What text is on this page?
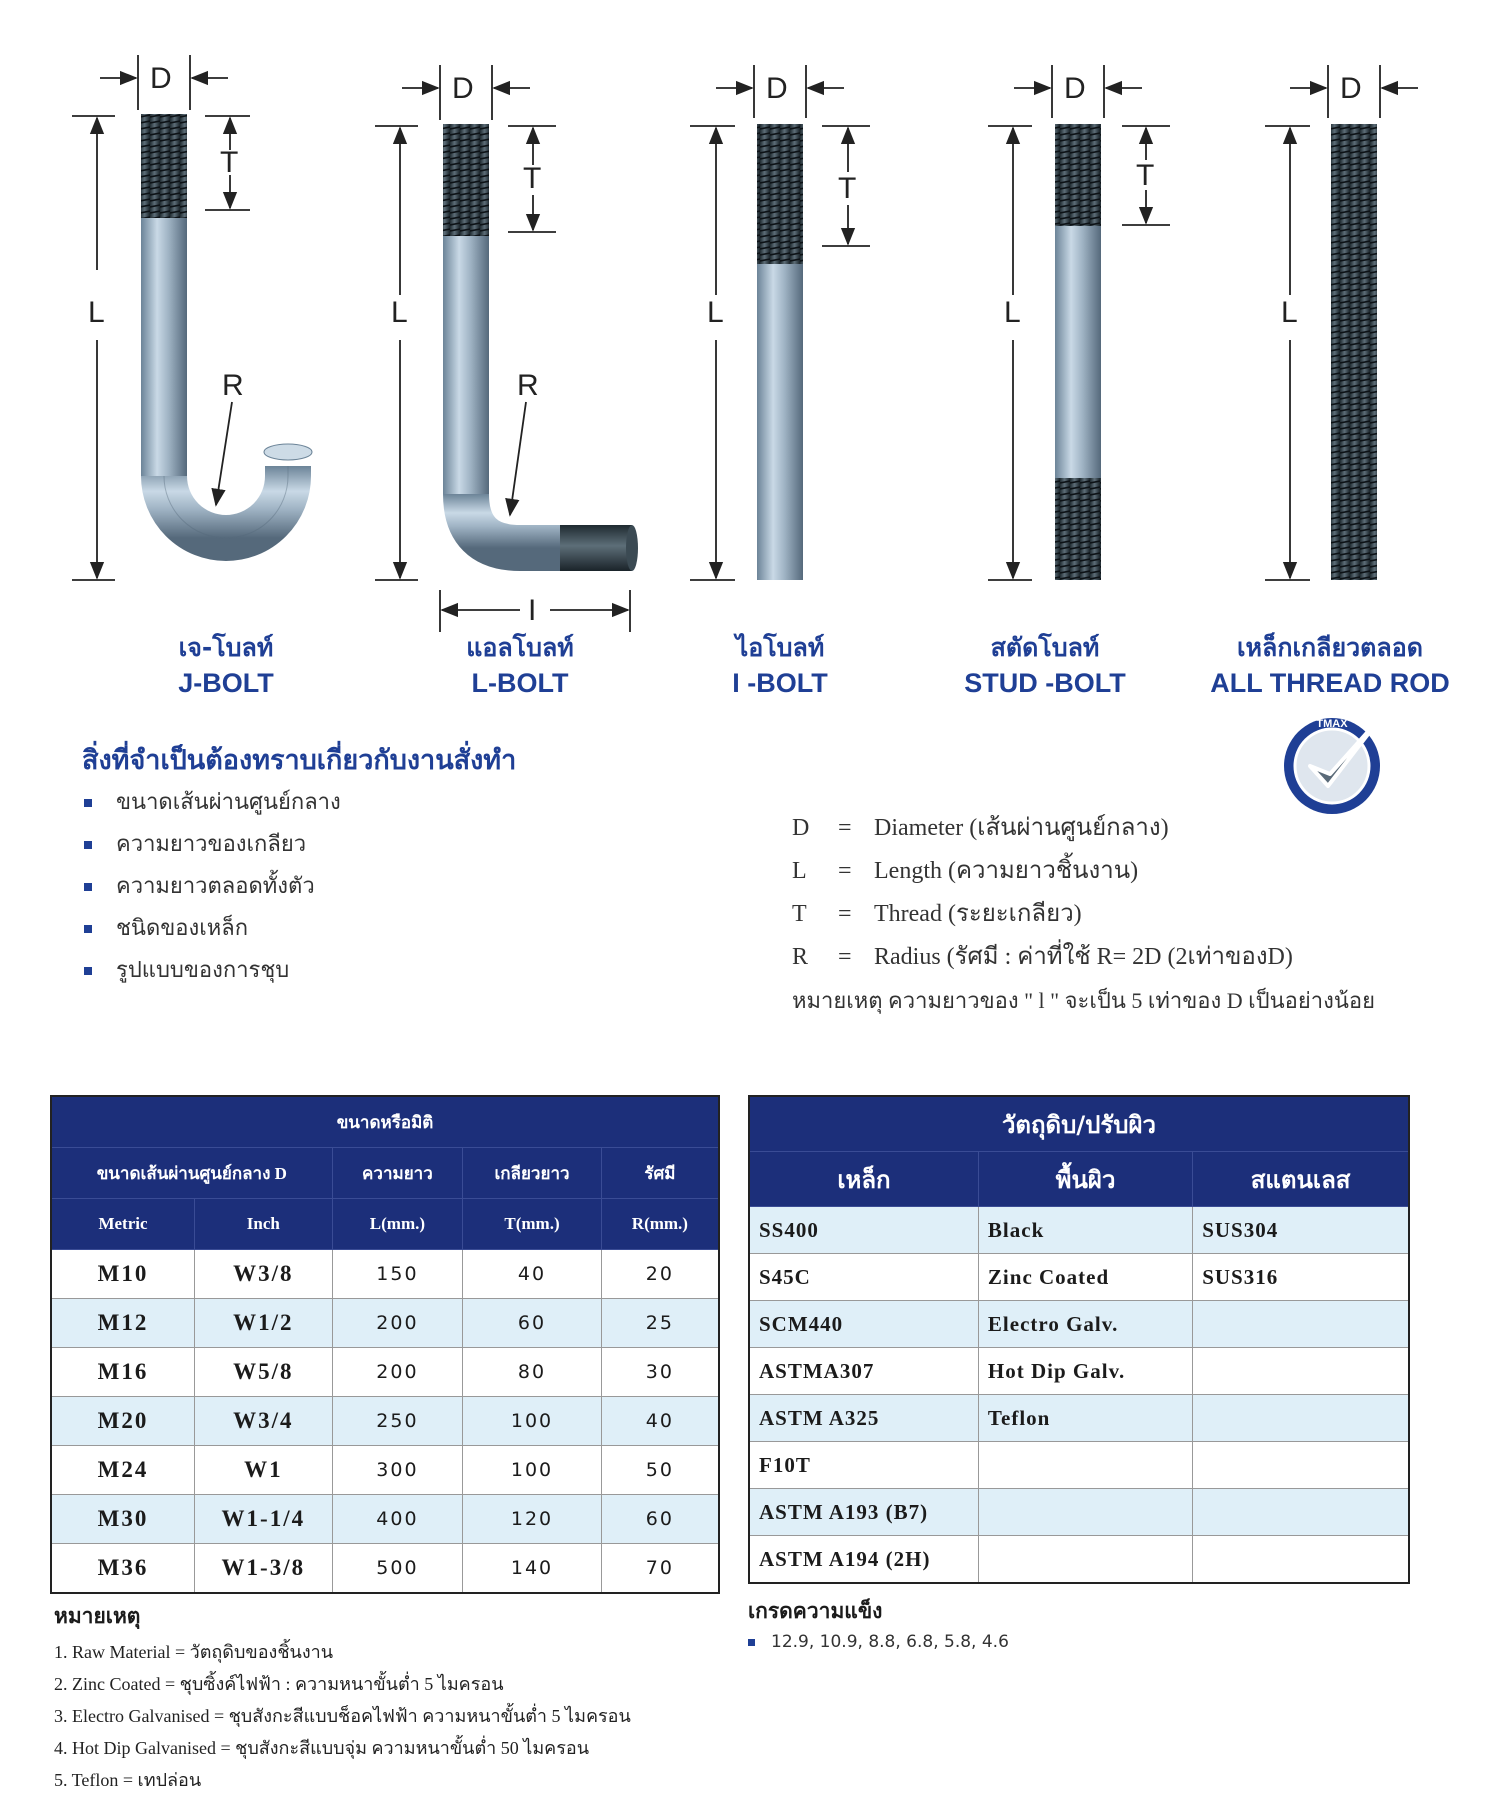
D	D	D	D	D
T	T	T	T
L	L	L	L	L
R	R
I
เจ-โบลท์
J-BOLT
แอลโบลท์
L-BOLT
ไอโบลท์
I -BOLT
สตัดโบลท์
STUD -BOLT
เหล็กเกลียวตลอด
ALL THREAD ROD
TMAX
สิ่งที่จำเป็นต้องทราบเกี่ยวกับงานสั่งทำ
ขนาดเส้นผ่านศูนย์กลาง
ความยาวของเกลียว
ความยาวตลอดทั้งตัว
ชนิดของเหล็ก
รูปแบบของการชุบ
D = Diameter (เส้นผ่านศูนย์กลาง)
L = Length (ความยาวชิ้นงาน)
T = Thread (ระยะเกลียว)
R = Radius (รัศมี : ค่าที่ใช้ R= 2D (2เท่าของD)
หมายเหตุ ความยาวของ " l " จะเป็น 5 เท่าของ D เป็นอย่างน้อย
ขนาดหรือมิติ				
ขนาดเส้นผ่านศูนย์กลาง D		ความยาว	เกลียวยาว	รัศมี
Metric	Inch	L(mm.)	T(mm.)	R(mm.)
M10	W3/8	150	40	20
M12	W1/2	200	60	25
M16	W5/8	200	80	30
M20	W3/4	250	100	40
M24	W1	300	100	50
M30	W1-1/4	400	120	60
M36	W1-3/8	500	140	70
วัตถุดิบ/ปรับผิว		
เหล็ก	พื้นผิว	สแตนเลส
SS400	Black	SUS304
S45C	Zinc Coated	SUS316
SCM440	Electro Galv.	
ASTMA307	Hot Dip Galv.	
ASTM A325	Teflon	
F10T		
ASTM A193 (B7)		
ASTM A194 (2H)		
หมายเหตุ
1. Raw Material = วัตถุดิบของชิ้นงาน
2. Zinc Coated = ชุบซิ้งค์ไฟฟ้า : ความหนาขั้นต่ำ 5 ไมครอน
3. Electro Galvanised = ชุบสังกะสีแบบช็อคไฟฟ้า ความหนาขั้นต่ำ 5 ไมครอน
4. Hot Dip Galvanised = ชุบสังกะสีแบบจุ่ม ความหนาขั้นต่ำ 50 ไมครอน
5. Teflon = เทปล่อน
เกรดความแข็ง
12.9, 10.9, 8.8, 6.8, 5.8, 4.6
